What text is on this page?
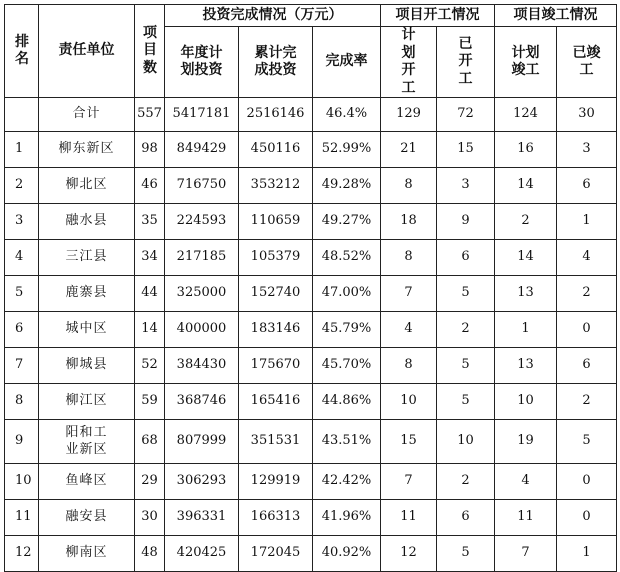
排名	责任单位	项目数	投资完成情况（万元）			项目开工情况		项目竣工情况	
			年度计划投资	累计完成投资	完成率	计划开工	已开工	计划竣工	已竣工
	合计	557	5417181	2516146	46.4%	129	72	124	30
1	柳东新区	98	849429	450116	52.99%	21	15	16	3
2	柳北区	46	716750	353212	49.28%	8	3	14	6
3	融水县	35	224593	110659	49.27%	18	9	2	1
4	三江县	34	217185	105379	48.52%	8	6	14	4
5	鹿寨县	44	325000	152740	47.00%	7	5	13	2
6	城中区	14	400000	183146	45.79%	4	2	1	0
7	柳城县	52	384430	175670	45.70%	8	5	13	6
8	柳江区	59	368746	165416	44.86%	10	5	10	2
9	阳和工业新区	68	807999	351531	43.51%	15	10	19	5
10	鱼峰区	29	306293	129919	42.42%	7	2	4	0
11	融安县	30	396331	166313	41.96%	11	6	11	0
12	柳南区	48	420425	172045	40.92%	12	5	7	1
